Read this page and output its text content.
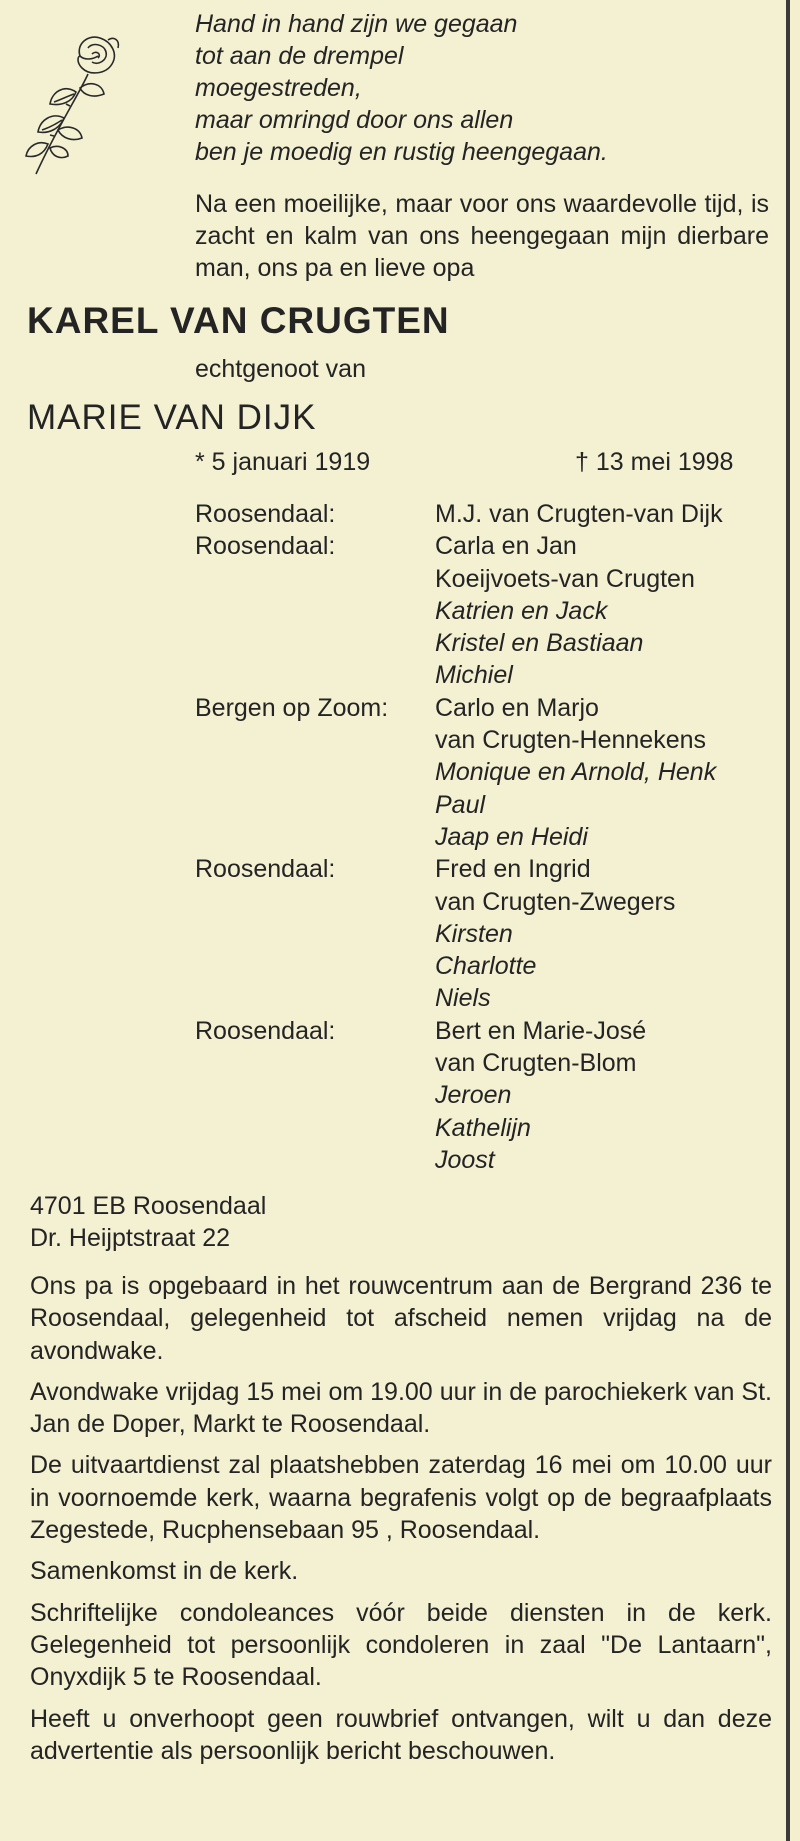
Hand in hand zijn we gegaan
tot aan de drempel
moegestreden,
maar omringd door ons allen
ben je moedig en rustig heengegaan.
Na een moeilijke, maar voor ons waardevolle tijd, is zacht en kalm van ons heengegaan mijn dierbare man, ons pa en lieve opa
KAREL VAN CRUGTEN
echtgenoot van
MARIE VAN DIJK
* 5 januari 1919	† 13 mei 1998
Roosendaal:	M.J. van Crugten-van Dijk
Roosendaal:	Carla en Jan
Koeijvoets-van Crugten
Katrien en Jack
Kristel en Bastiaan
Michiel
Bergen op Zoom: Carlo en Marjo
van Crugten-Hennekens
Monique en Arnold, Henk
Paul
Jaap en Heidi
Roosendaal:	Fred en Ingrid
van Crugten-Zwegers
Kirsten
Charlotte
Niels
Roosendaal:	Bert en Marie-José
van Crugten-Blom
Jeroen
Kathelijn
Joost
4701 EB Roosendaal
Dr. Heijptstraat 22
Ons pa is opgebaard in het rouwcentrum aan de Bergrand 236 te Roosendaal, gelegenheid tot afscheid nemen vrijdag na de avondwake.
Avondwake vrijdag 15 mei om 19.00 uur in de parochiekerk van St. Jan de Doper, Markt te Roosendaal.
De uitvaartdienst zal plaatshebben zaterdag 16 mei om 10.00 uur in voornoemde kerk, waarna begrafenis volgt op de begraafplaats Zegestede, Rucphensebaan 95 , Roosendaal.
Samenkomst in de kerk.
Schriftelijke condoleances vóór beide diensten in de kerk. Gelegenheid tot persoonlijk condoleren in zaal "De Lantaarn", Onyxdijk 5 te Roosendaal.
Heeft u onverhoopt geen rouwbrief ontvangen, wilt u dan deze advertentie als persoonlijk bericht beschouwen.
